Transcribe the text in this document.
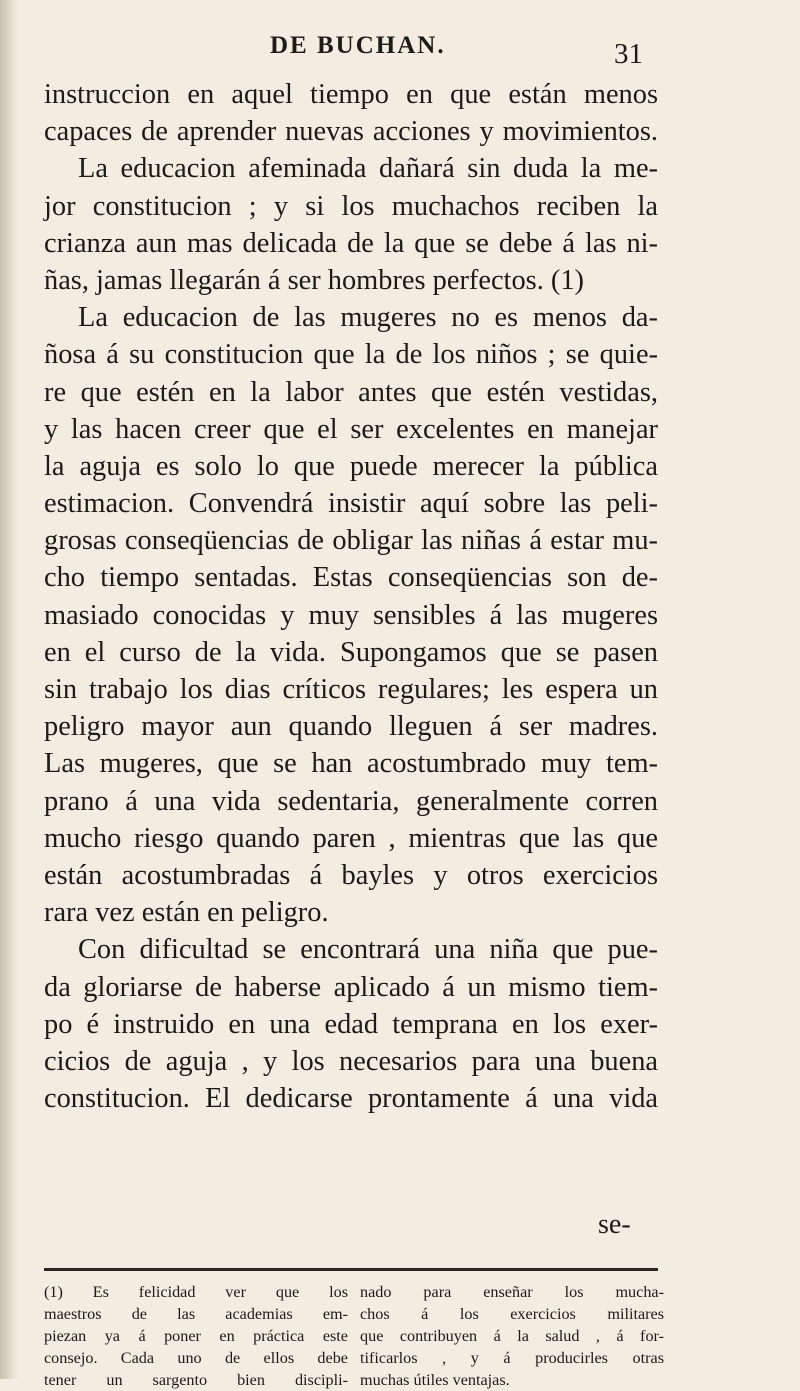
DE BUCHAN.	31
instruccion en aquel tiempo en que están menos
capaces de aprender nuevas acciones y movimientos.
La educacion afeminada dañará sin duda la me-
jor constitucion ; y si los muchachos reciben la
crianza aun mas delicada de la que se debe á las ni-
ñas, jamas llegarán á ser hombres perfectos. (1)
La educacion de las mugeres no es menos da-
ñosa á su constitucion que la de los niños ; se quie-
re que estén en la labor antes que estén vestidas,
y las hacen creer que el ser excelentes en manejar
la aguja es solo lo que puede merecer la pública
estimacion. Convendrá insistir aquí sobre las peli-
grosas conseqüencias de obligar las niñas á estar mu-
cho tiempo sentadas. Estas conseqüencias son de-
masiado conocidas y muy sensibles á las mugeres
en el curso de la vida. Supongamos que se pasen
sin trabajo los dias críticos regulares; les espera un
peligro mayor aun quando lleguen á ser madres.
Las mugeres, que se han acostumbrado muy tem-
prano á una vida sedentaria, generalmente corren
mucho riesgo quando paren , mientras que las que
están acostumbradas á bayles y otros exercicios
rara vez están en peligro.
Con dificultad se encontrará una niña que pue-
da gloriarse de haberse aplicado á un mismo tiem-
po é instruido en una edad temprana en los exer-
cicios de aguja , y los necesarios para una buena
constitucion. El dedicarse prontamente á una vida
se-
(1) Es felicidad ver que los
maestros de las academias em-
piezan ya á poner en práctica este
consejo. Cada uno de ellos debe
tener un sargento bien discipli-
nado para enseñar los mucha-
chos á los exercicios militares
que contribuyen á la salud , á for-
tificarlos , y á producirles otras
muchas útiles ventajas.
